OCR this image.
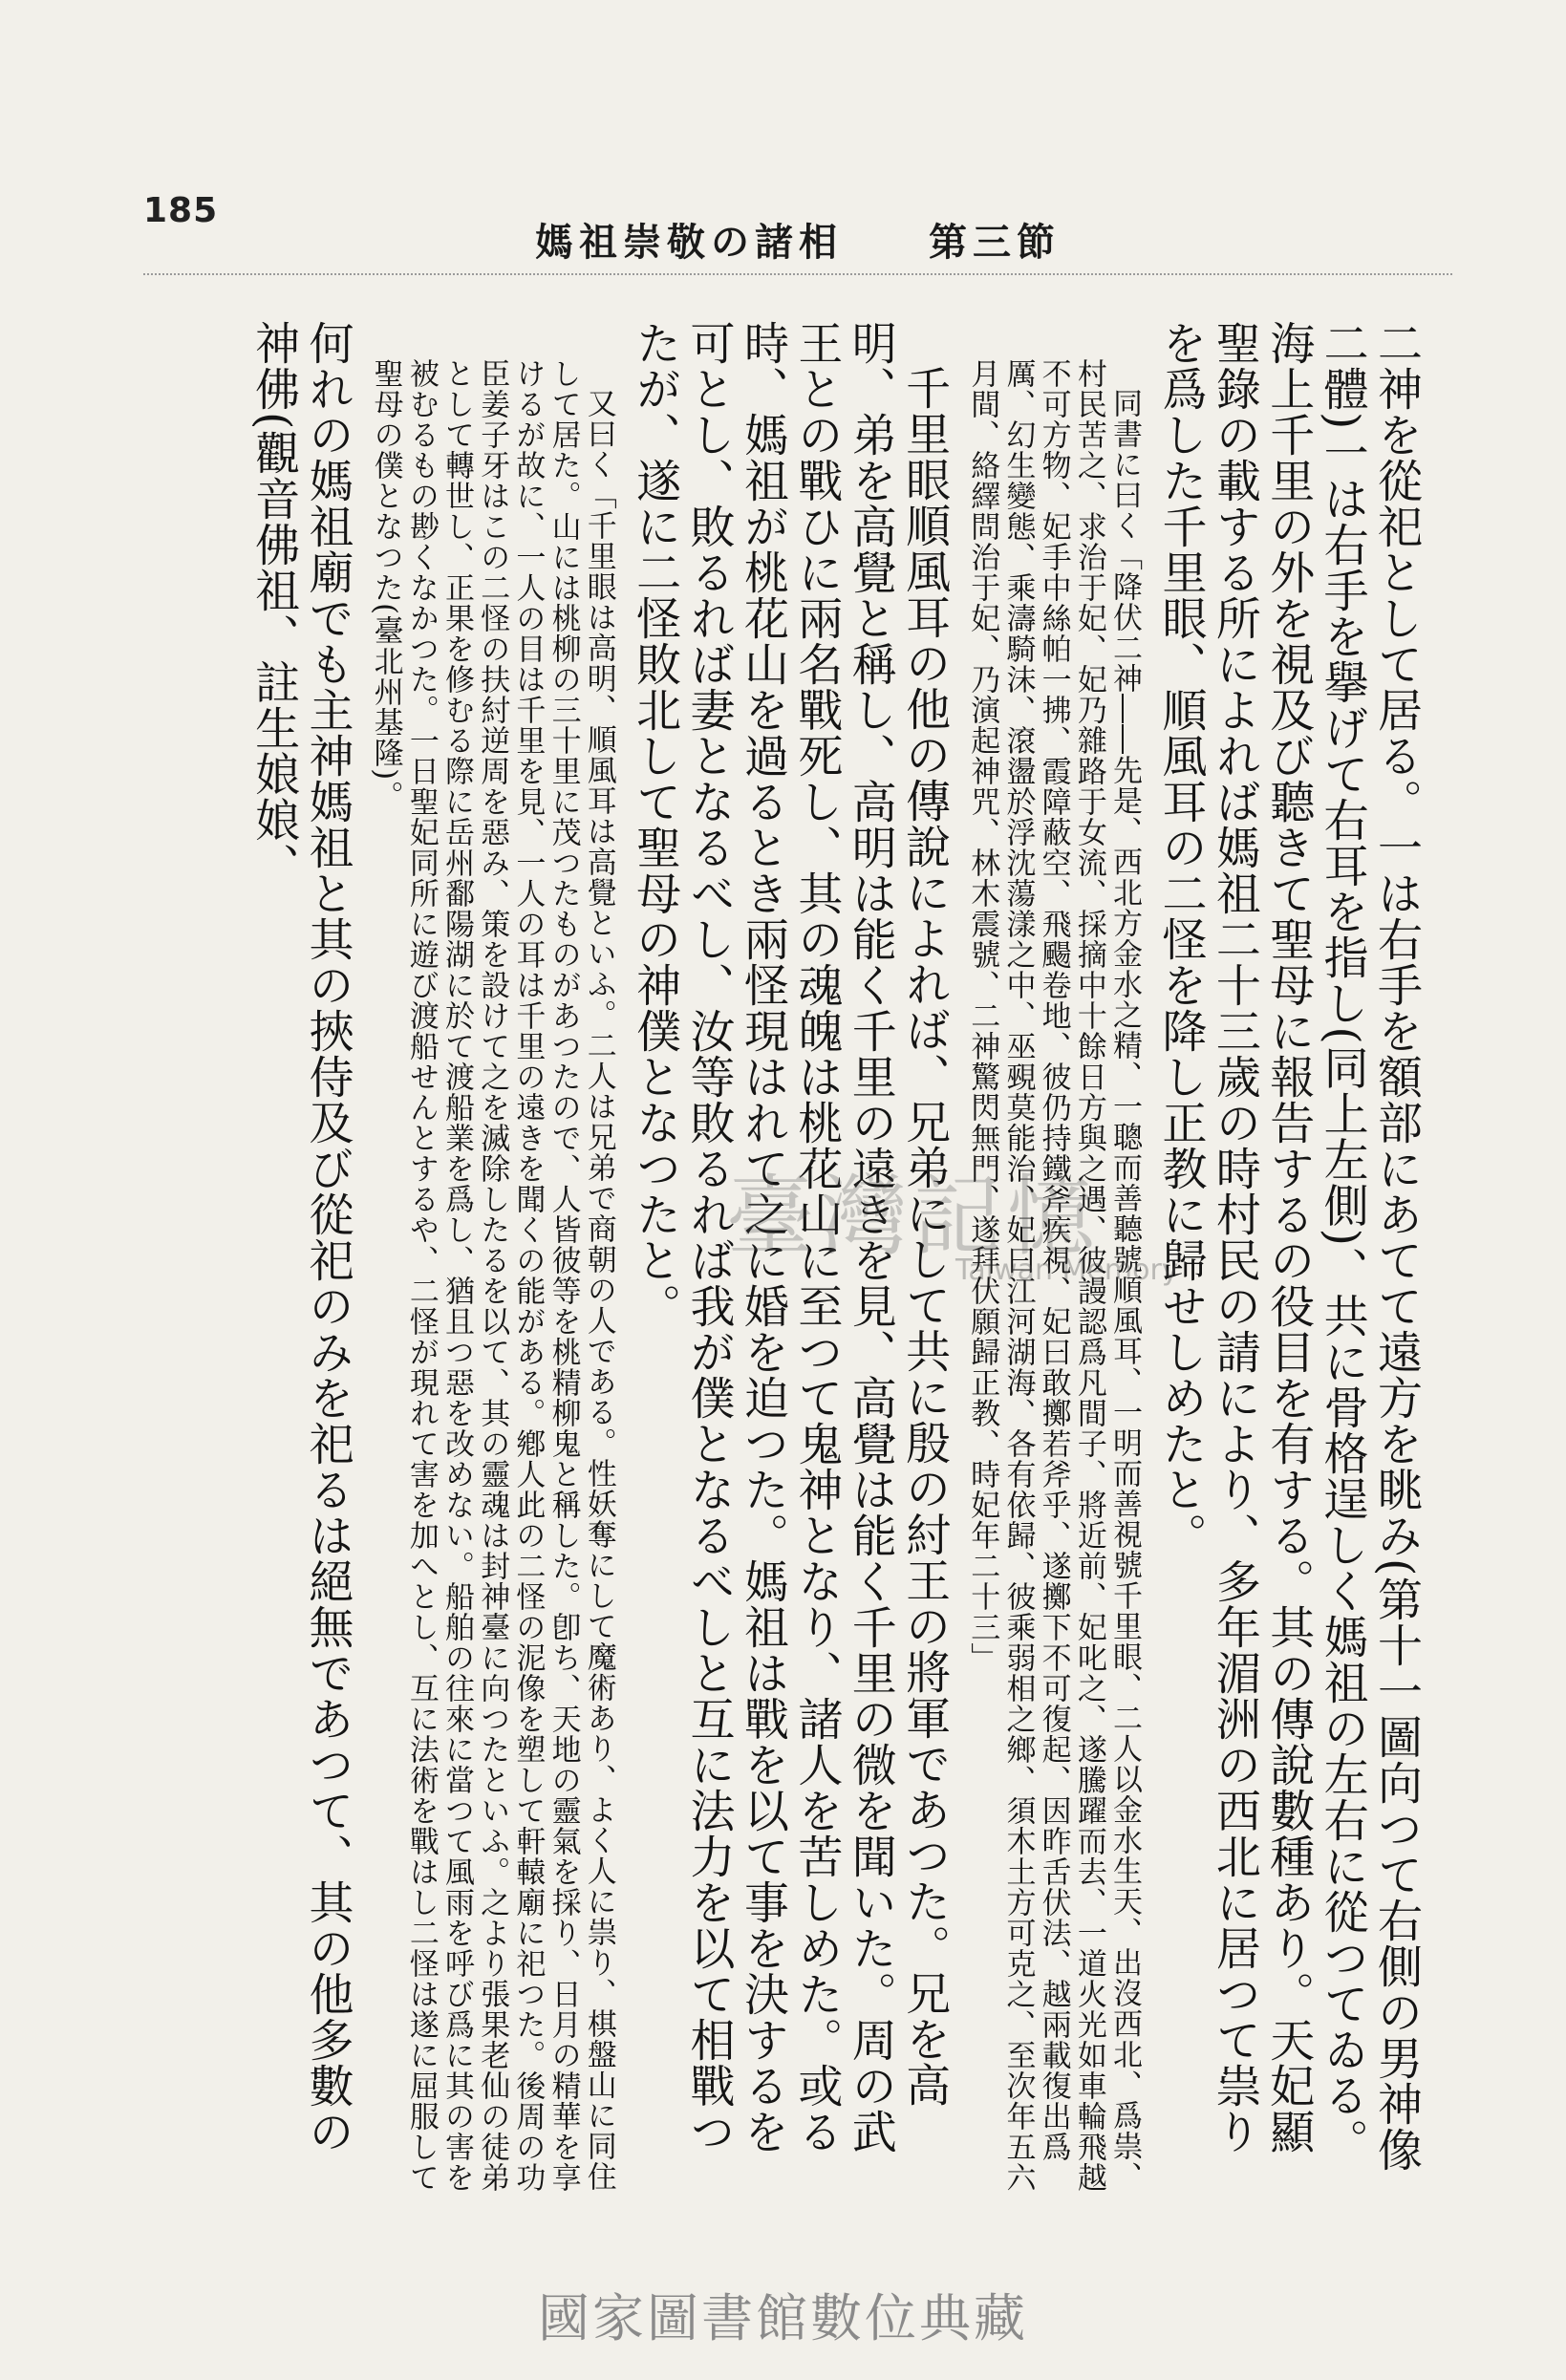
185
媽祖崇敬の諸相 第三節

二神を從祀として居る。一は右手を額部にあてて遠方を眺み(第十一圖向つて右側の男神像二體)一は右手を擧げて右耳を指し(同上左側)、共に骨格逞しく媽祖の左右に從つてゐる。海上千里の外を視及び聽きて聖母に報告するの役目を有する。其の傳說數種あり。天妃顯聖錄の載する所によれば媽祖二十三歲の時村民の請により、多年湄洲の西北に居つて祟りを爲した千里眼、順風耳の二怪を降し正教に歸せしめたと。

同書に曰く「降伏二神――先是、西北方金水之精、一聰而善聽號順風耳、一明而善視號千里眼、二人以金水生天、出沒西北、爲祟、村民苦之、求治于妃、妃乃雜路于女流、採摘中十餘日方與之遇、彼謾認爲凡間子、將近前、妃叱之、遂騰躍而去、一道火光如車輪飛越不可方物、妃手中絲帕一拂、霞障蔽空、飛颺卷地、彼仍持鐵斧疾視、妃曰敢擲若斧乎、遂擲下不可復起、因昨舌伏法、越兩載復出爲厲、幻生變態、乘濤騎沫、滾盪於浮沈蕩漾之中、巫覡莫能治、妃曰江河湖海、各有依歸、彼乘弱相之鄉、須木土方可克之、至次年五六月間、絡繹問治于妃、乃演起神咒、林木震號、二神驚閃無門、遂拜伏願歸正教、時妃年二十三」

千里眼順風耳の他の傳說によれば、兄弟にして共に殷の紂王の將軍であつた。兄を高明、弟を高覺と稱し、高明は能く千里の遠きを見、高覺は能く千里の微を聞いた。周の武王との戰ひに兩名戰死し、其の魂魄は桃花山に至つて鬼神となり、諸人を苦しめた。或る時、媽祖が桃花山を過るとき兩怪現はれて之に婚を迫つた。媽祖は戰を以て事を決するを可とし、敗るれば妻となるべし、汝等敗るれば我が僕となるべしと互に法力を以て相戰つたが、遂に二怪敗北して聖母の神僕となつたと。

又曰く「千里眼は高明、順風耳は高覺といふ。二人は兄弟で商朝の人である。性妖奪にして魔術あり、よく人に祟り、棋盤山に同住して居た。山には桃柳の三十里に茂つたものがあつたので、人皆彼等を桃精柳鬼と稱した。卽ち、天地の靈氣を採り、日月の精華を享けるが故に、一人の目は千里を見、一人の耳は千里の遠きを聞くの能がある。鄕人此の二怪の泥像を塑して軒轅廟に祀つた。後周の功臣姜子牙はこの二怪の扶紂逆周を惡み、策を設けて之を滅除したるを以て、其の靈魂は封神臺に向つたといふ。之より張果老仙の徒弟として轉世し、正果を修むる際に岳州鄱陽湖に於て渡船業を爲し、猶且つ惡を改めない。船舶の往來に當つて風雨を呼び爲に其の害を被むるもの尠くなかつた。一日聖妃同所に遊び渡船せんとするや、二怪が現れて害を加へとし、互に法術を戰はし二怪は遂に屈服して聖母の僕となつた(臺北州基隆)。

何れの媽祖廟でも主神媽祖と其の挾侍及び從祀のみを祀るは絕無であつて、其の他多數の神佛(觀音佛祖、註生娘娘、

臺灣記憶
Taiwan Memory
國家圖書館數位典藏
